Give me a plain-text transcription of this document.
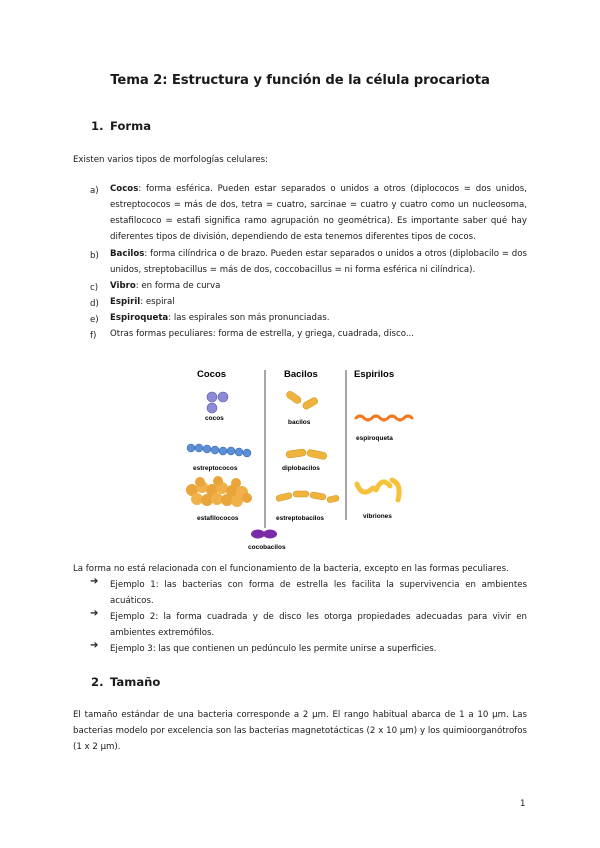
Tema 2: Estructura y función de la célula procariota
1. Forma
Existen varios tipos de morfologías celulares:
a) Cocos: forma esférica. Pueden estar separados o unidos a otros (diplococos = dos unidos, estreptococos = más de dos, tetra = cuatro, sarcinae = cuatro y cuatro como un nucleosoma, estafilococo = estafi significa ramo agrupación no geométrica). Es importante saber qué hay diferentes tipos de división, dependiendo de esta tenemos diferentes tipos de cocos.
b) Bacilos: forma cilíndrica o de brazo. Pueden estar separados o unidos a otros (diplobacilo = dos unidos, streptobacillus = más de dos, coccobacillus = ni forma esférica ni cilíndrica).
c) Vibro: en forma de curva
d) Espiril: espiral
e) Espiroqueta: las espirales son más pronunciadas.
f) Otras formas peculiares: forma de estrella, y griega, cuadrada, disco...
Cocos	Bacilos	Espirilos
cocos
estreptococos
estafilococos
cocobacilos
bacilos
diplobacilos
estreptobacilos
espiroqueta
vibriones
La forma no está relacionada con el funcionamiento de la bacteria, excepto en las formas peculiares.
➔ Ejemplo 1: las bacterias con forma de estrella les facilita la supervivencia en ambientes acuáticos.
➔ Ejemplo 2: la forma cuadrada y de disco les otorga propiedades adecuadas para vivir en ambientes extremófilos.
➔ Ejemplo 3: las que contienen un pedúnculo les permite unirse a superficies.
2. Tamaño
El tamaño estándar de una bacteria corresponde a 2 µm. El rango habitual abarca de 1 a 10 µm. Las bacterias modelo por excelencia son las bacterias magnetotácticas (2 x 10 µm) y los quimioorganótrofos (1 x 2 µm).
1
